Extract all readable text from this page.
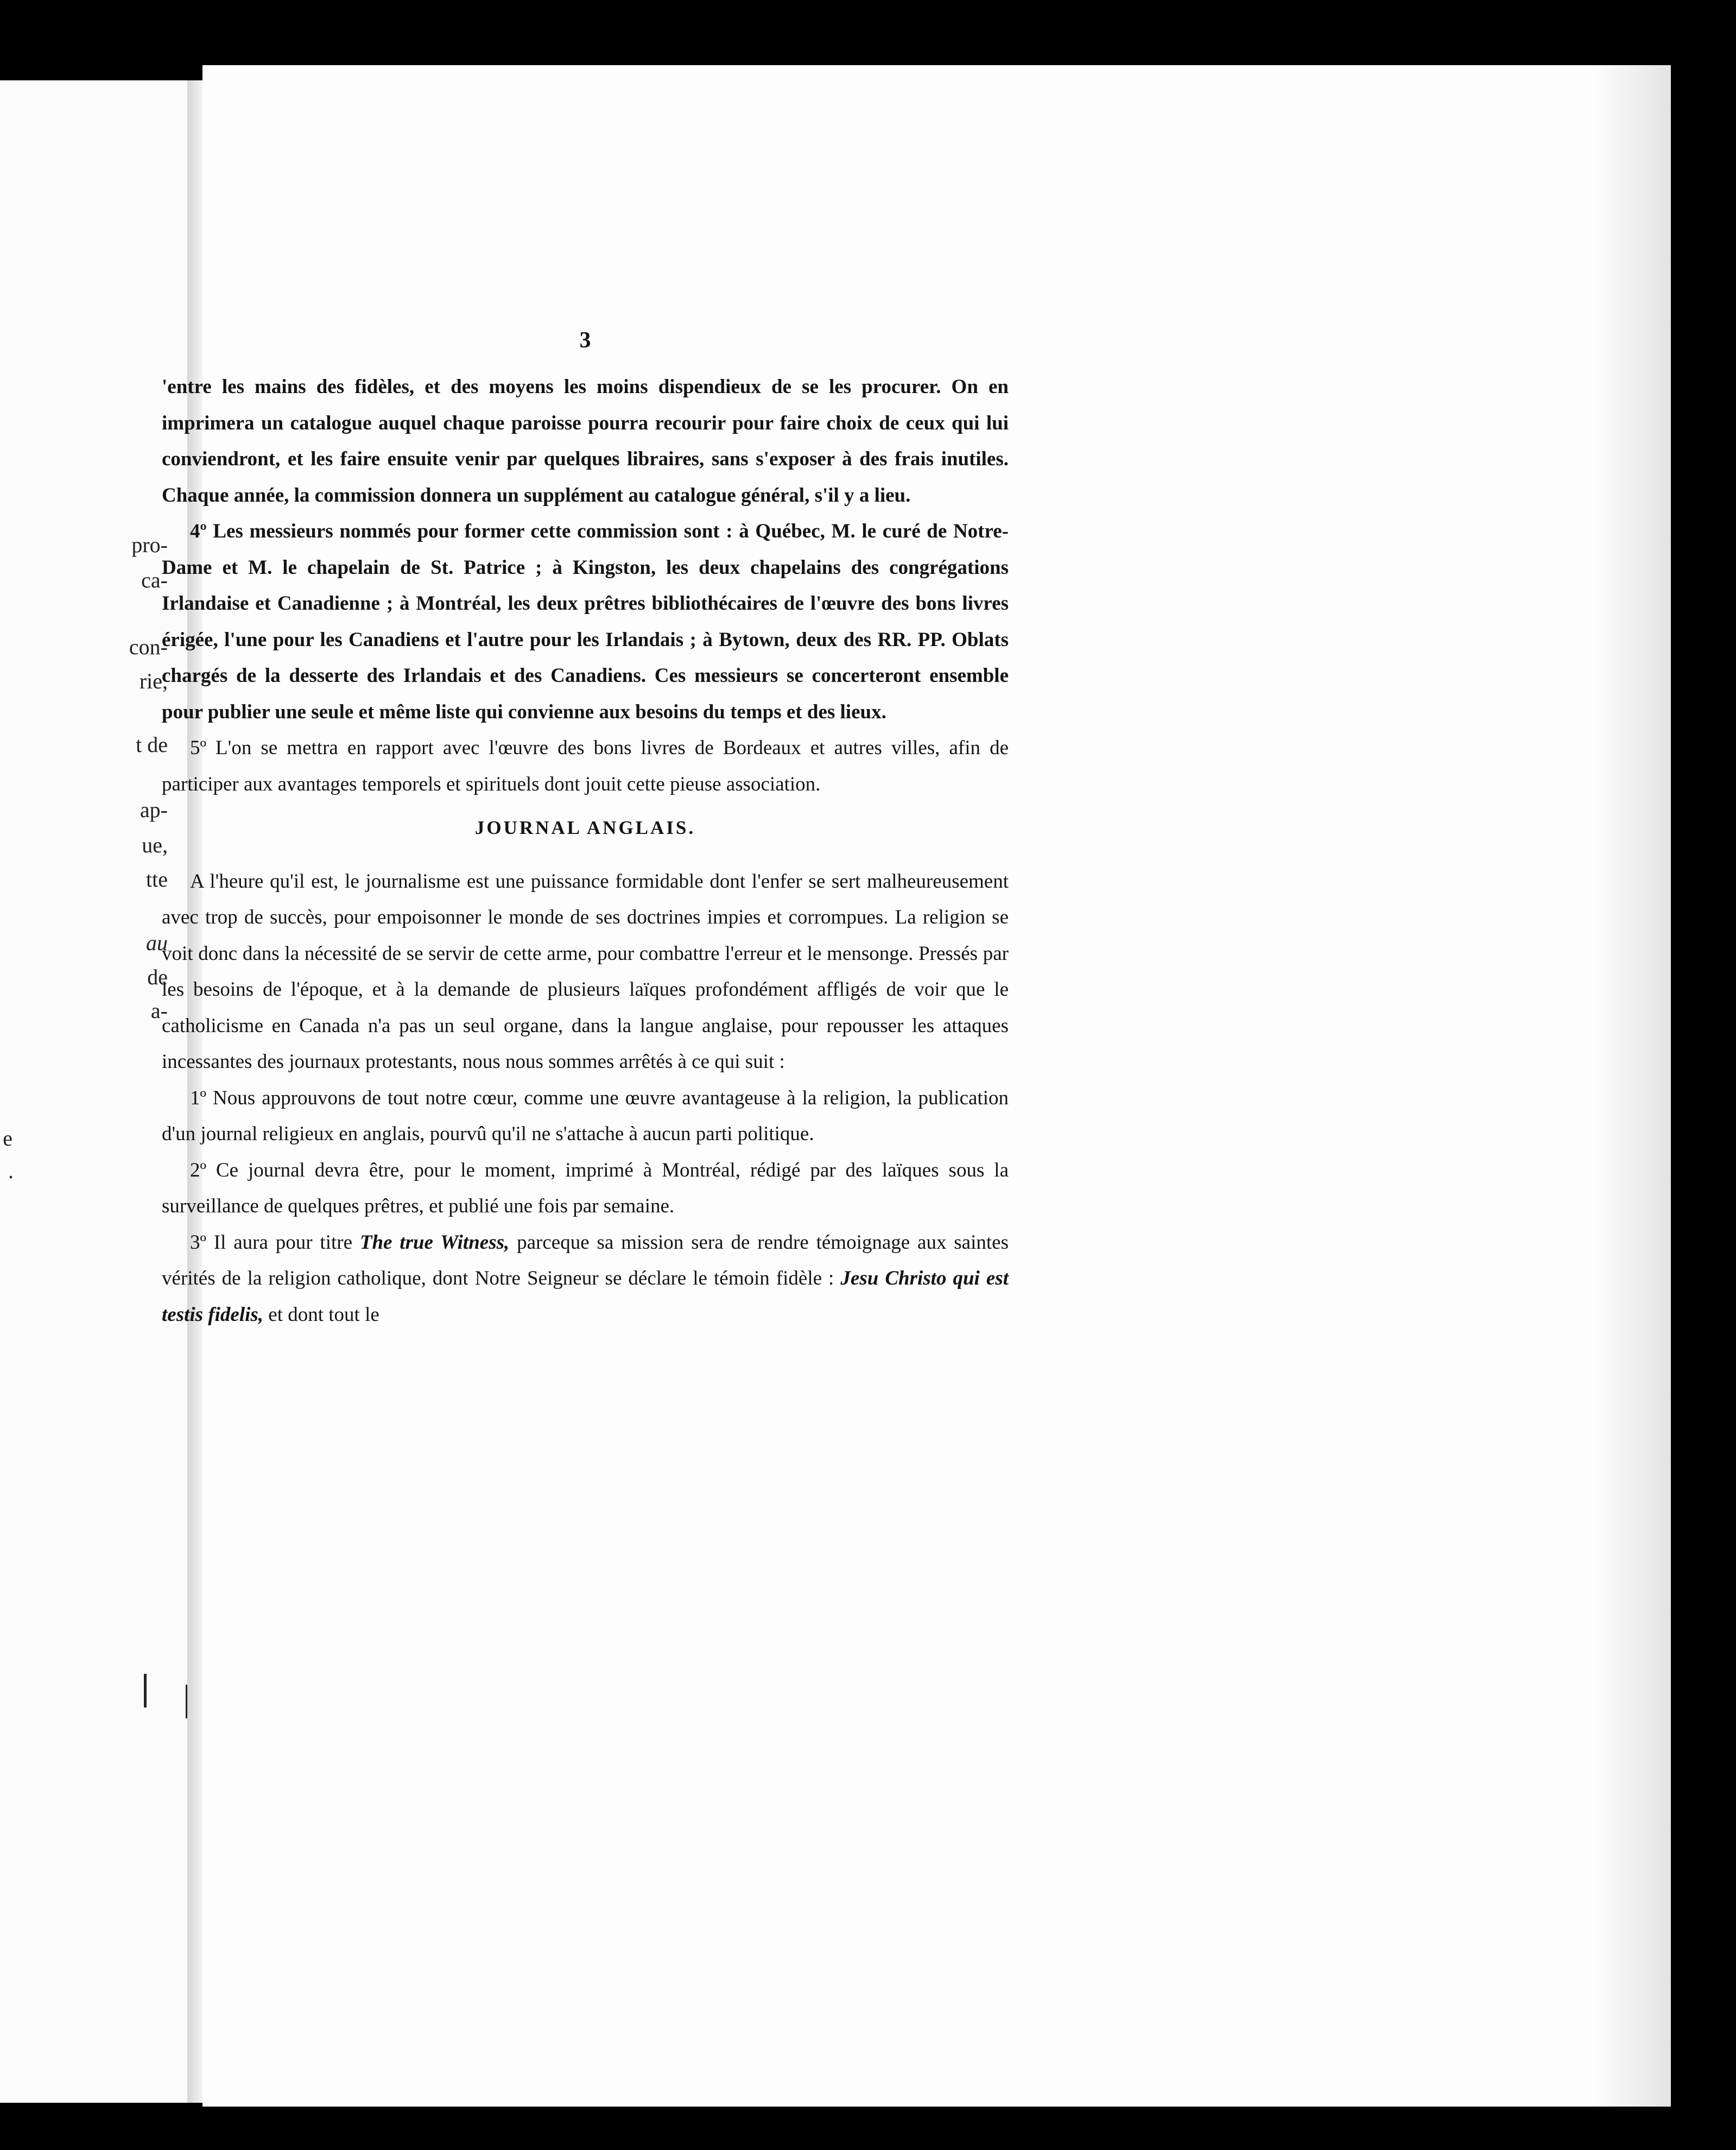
pro-
ca-
con-
rie,
t de
ap-
ue,
tte
au
de
a-
e
.
3

'entre les mains des fidèles, et des moyens les moins dispendieux de se les procurer. On en imprimera un catalogue auquel chaque paroisse pourra recourir pour faire choix de ceux qui lui conviendront, et les faire ensuite venir par quelques libraires, sans s'exposer à des frais inutiles. Chaque année, la commission donnera un supplément au catalogue général, s'il y a lieu.

4º Les messieurs nommés pour former cette commission sont : à Québec, M. le curé de Notre-Dame et M. le chapelain de St. Patrice ; à Kingston, les deux chapelains des congrégations Irlandaise et Canadienne ; à Montréal, les deux prêtres bibliothécaires de l'œuvre des bons livres érigée, l'une pour les Canadiens et l'autre pour les Irlandais ; à Bytown, deux des RR. PP. Oblats chargés de la desserte des Irlandais et des Canadiens. Ces messieurs se concerteront ensemble pour publier une seule et même liste qui convienne aux besoins du temps et des lieux.

5º L'on se mettra en rapport avec l'œuvre des bons livres de Bordeaux et autres villes, afin de participer aux avantages temporels et spirituels dont jouit cette pieuse association.

JOURNAL ANGLAIS.

A l'heure qu'il est, le journalisme est une puissance formidable dont l'enfer se sert malheureusement avec trop de succès, pour empoisonner le monde de ses doctrines impies et corrompues. La religion se voit donc dans la nécessité de se servir de cette arme, pour combattre l'erreur et le mensonge. Pressés par les besoins de l'époque, et à la demande de plusieurs laïques profondément affligés de voir que le catholicisme en Canada n'a pas un seul organe, dans la langue anglaise, pour repousser les attaques incessantes des journaux protestants, nous nous sommes arrêtés à ce qui suit :

1º Nous approuvons de tout notre cœur, comme une œuvre avantageuse à la religion, la publication d'un journal religieux en anglais, pourvû qu'il ne s'attache à aucun parti politique.

2º Ce journal devra être, pour le moment, imprimé à Montréal, rédigé par des laïques sous la surveillance de quelques prêtres, et publié une fois par semaine.

3º Il aura pour titre The true Witness, parceque sa mission sera de rendre témoignage aux saintes vérités de la religion catholique, dont Notre Seigneur se déclare le témoin fidèle : Jesu Christo qui est testis fidelis, et dont tout le
